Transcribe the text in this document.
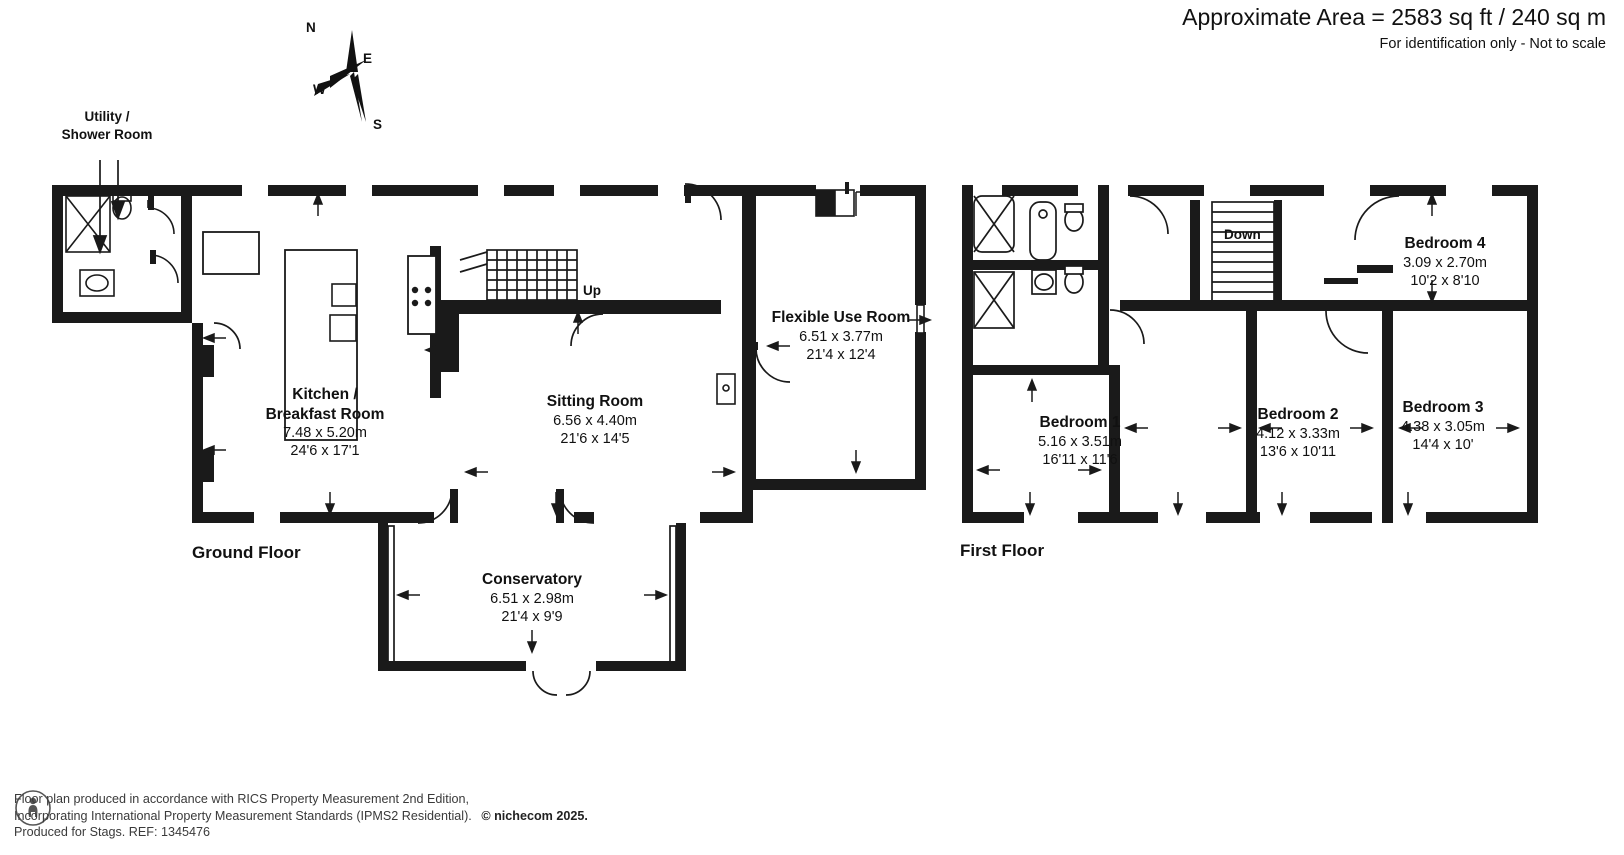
Approximate Area = 2583 sq ft / 240 sq m
For identification only - Not to scale
N
E
S
W
Utility /
Shower Room
Kitchen /
Breakfast Room
7.48 x 5.20m
24'6 x 17'1
Sitting Room
6.56 x 4.40m
21'6 x 14'5
Flexible Use Room
6.51 x 3.77m
21'4 x 12'4
Conservatory
6.51 x 2.98m
21'4 x 9'9
Up
Ground Floor
Down
Bedroom 1
5.16 x 3.51m
16'11 x 11'6
Bedroom 2
4.12 x 3.33m
13'6 x 10'11
Bedroom 3
4.38 x 3.05m
14'4 x 10'
Bedroom 4
3.09 x 2.70m
10'2 x 8'10
First Floor
Floor plan produced in accordance with RICS Property Measurement 2nd Edition,
Incorporating International Property Measurement Standards (IPMS2 Residential). © nichecom 2025.
Produced for Stags. REF: 1345476
